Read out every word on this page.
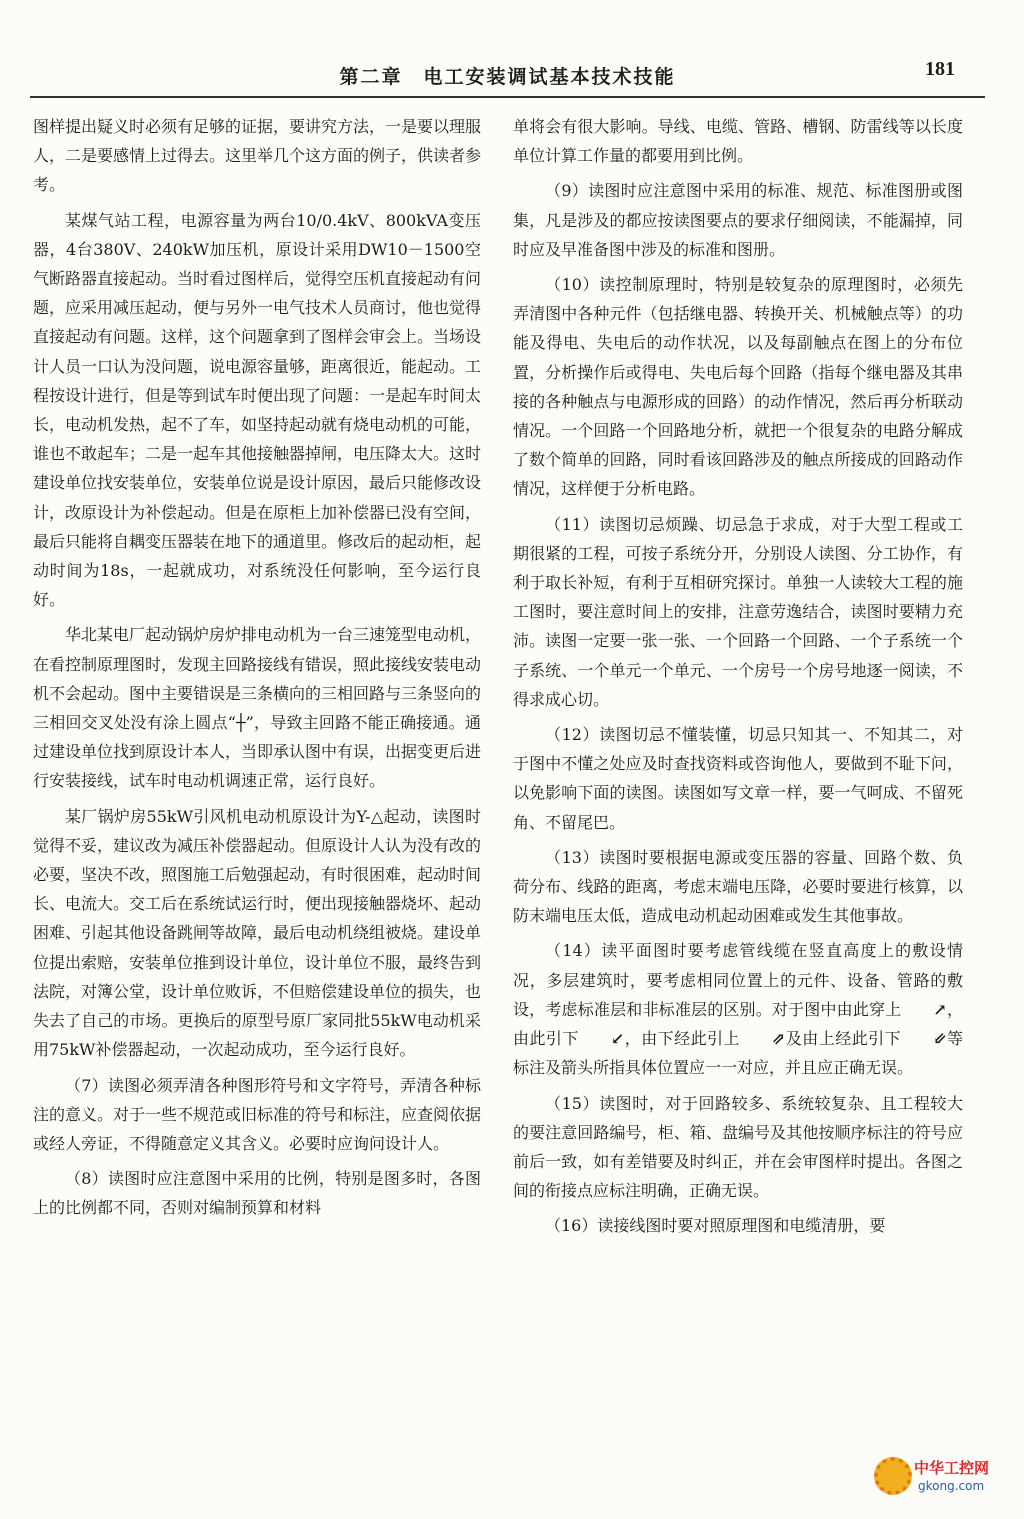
第二章　电工安装调试基本技术技能	181

图样提出疑义时必须有足够的证据，要讲究方法，一是要以理服人，二是要感情上过得去。这里举几个这方面的例子，供读者参考。

某煤气站工程，电源容量为两台10/0.4kV、800kVA变压器，4台380V、240kW加压机，原设计采用DW10－1500空气断路器直接起动。当时看过图样后，觉得空压机直接起动有问题，应采用减压起动，便与另外一电气技术人员商讨，他也觉得直接起动有问题。这样，这个问题拿到了图样会审会上。当场设计人员一口认为没问题，说电源容量够，距离很近，能起动。工程按设计进行，但是等到试车时便出现了问题：一是起车时间太长，电动机发热，起不了车，如坚持起动就有烧电动机的可能，谁也不敢起车；二是一起车其他接触器掉闸，电压降太大。这时建设单位找安装单位，安装单位说是设计原因，最后只能修改设计，改原设计为补偿起动。但是在原柜上加补偿器已没有空间，最后只能将自耦变压器装在地下的通道里。修改后的起动柜，起动时间为18s，一起就成功，对系统没任何影响，至今运行良好。

华北某电厂起动锅炉房炉排电动机为一台三速笼型电动机，在看控制原理图时，发现主回路接线有错误，照此接线安装电动机不会起动。图中主要错误是三条横向的三相回路与三条竖向的三相回交叉处没有涂上圆点“┼”，导致主回路不能正确接通。通过建设单位找到原设计本人，当即承认图中有误，出据变更后进行安装接线，试车时电动机调速正常，运行良好。

某厂锅炉房55kW引风机电动机原设计为Y-△起动，读图时觉得不妥，建议改为减压补偿器起动。但原设计人认为没有改的必要，坚决不改，照图施工后勉强起动，有时很困难，起动时间长、电流大。交工后在系统试运行时，便出现接触器烧坏、起动困难、引起其他设备跳闸等故障，最后电动机绕组被烧。建设单位提出索赔，安装单位推到设计单位，设计单位不服，最终告到法院，对簿公堂，设计单位败诉，不但赔偿建设单位的损失，也失去了自己的市场。更换后的原型号原厂家同批55kW电动机采用75kW补偿器起动，一次起动成功，至今运行良好。

（7）读图必须弄清各种图形符号和文字符号，弄清各种标注的意义。对于一些不规范或旧标准的符号和标注，应查阅依据或经人旁证，不得随意定义其含义。必要时应询问设计人。

（8）读图时应注意图中采用的比例，特别是图多时，各图上的比例都不同，否则对编制预算和材料

单将会有很大影响。导线、电缆、管路、槽钢、防雷线等以长度单位计算工作量的都要用到比例。

（9）读图时应注意图中采用的标准、规范、标准图册或图集，凡是涉及的都应按读图要点的要求仔细阅读，不能漏掉，同时应及早准备图中涉及的标准和图册。

（10）读控制原理时，特别是较复杂的原理图时，必须先弄清图中各种元件（包括继电器、转换开关、机械触点等）的功能及得电、失电后的动作状况，以及每副触点在图上的分布位置，分析操作后或得电、失电后每个回路（指每个继电器及其串接的各种触点与电源形成的回路）的动作情况，然后再分析联动情况。一个回路一个回路地分析，就把一个很复杂的电路分解成了数个简单的回路，同时看该回路涉及的触点所接成的回路动作情况，这样便于分析电路。

（11）读图切忌烦躁、切忌急于求成，对于大型工程或工期很紧的工程，可按子系统分开，分别设人读图、分工协作，有利于取长补短，有利于互相研究探讨。单独一人读较大工程的施工图时，要注意时间上的安排，注意劳逸结合，读图时要精力充沛。读图一定要一张一张、一个回路一个回路、一个子系统一个子系统、一个单元一个单元、一个房号一个房号地逐一阅读，不得求成心切。

（12）读图切忌不懂装懂，切忌只知其一、不知其二，对于图中不懂之处应及时查找资料或咨询他人，要做到不耻下问，以免影响下面的读图。读图如写文章一样，要一气呵成、不留死角、不留尾巴。

（13）读图时要根据电源或变压器的容量、回路个数、负荷分布、线路的距离，考虑末端电压降，必要时要进行核算，以防末端电压太低，造成电动机起动困难或发生其他事故。

（14）读平面图时要考虑管线缆在竖直高度上的敷设情况，多层建筑时，要考虑相同位置上的元件、设备、管路的敷设，考虑标准层和非标准层的区别。对于图中由此穿上 ↗，由此引下 ↙，由下经此引上 ⇗及由上经此引下 ⇙等标注及箭头所指具体位置应一一对应，并且应正确无误。

（15）读图时，对于回路较多、系统较复杂、且工程较大的要注意回路编号，柜、箱、盘编号及其他按顺序标注的符号应前后一致，如有差错要及时纠正，并在会审图样时提出。各图之间的衔接点应标注明确，正确无误。

（16）读接线图时要对照原理图和电缆清册，要

中华工控网
gkong.com
